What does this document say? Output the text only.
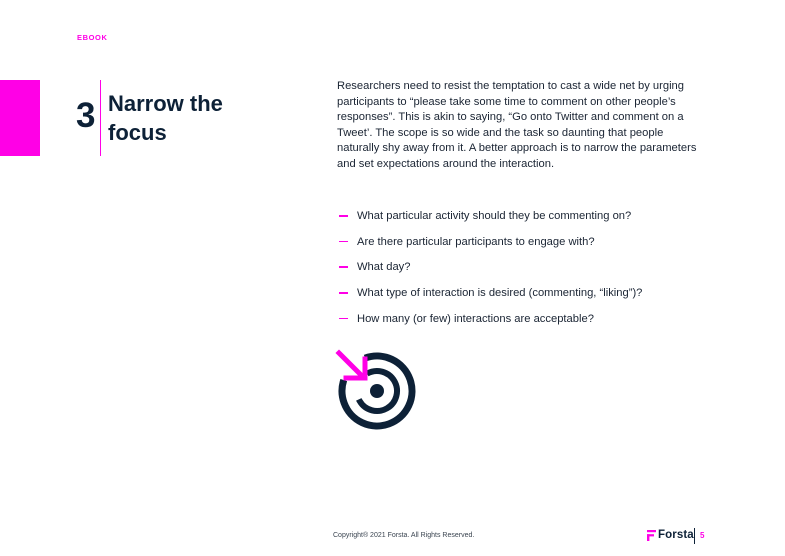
EBOOK
3 Narrow the focus

Researchers need to resist the temptation to cast a wide net by urging participants to “please take some time to comment on other people’s responses”. This is akin to saying, “Go onto Twitter and comment on a Tweet’. The scope is so wide and the task so daunting that people naturally shy away from it. A better approach is to narrow the parameters and set expectations around the interaction.

What particular activity should they be commenting on?
Are there particular participants to engage with?
What day?
What type of interaction is desired (commenting, “liking”)?
How many (or few) interactions are acceptable?
Copyright® 2021 Forsta. All Rights Reserved.	Forsta 5
